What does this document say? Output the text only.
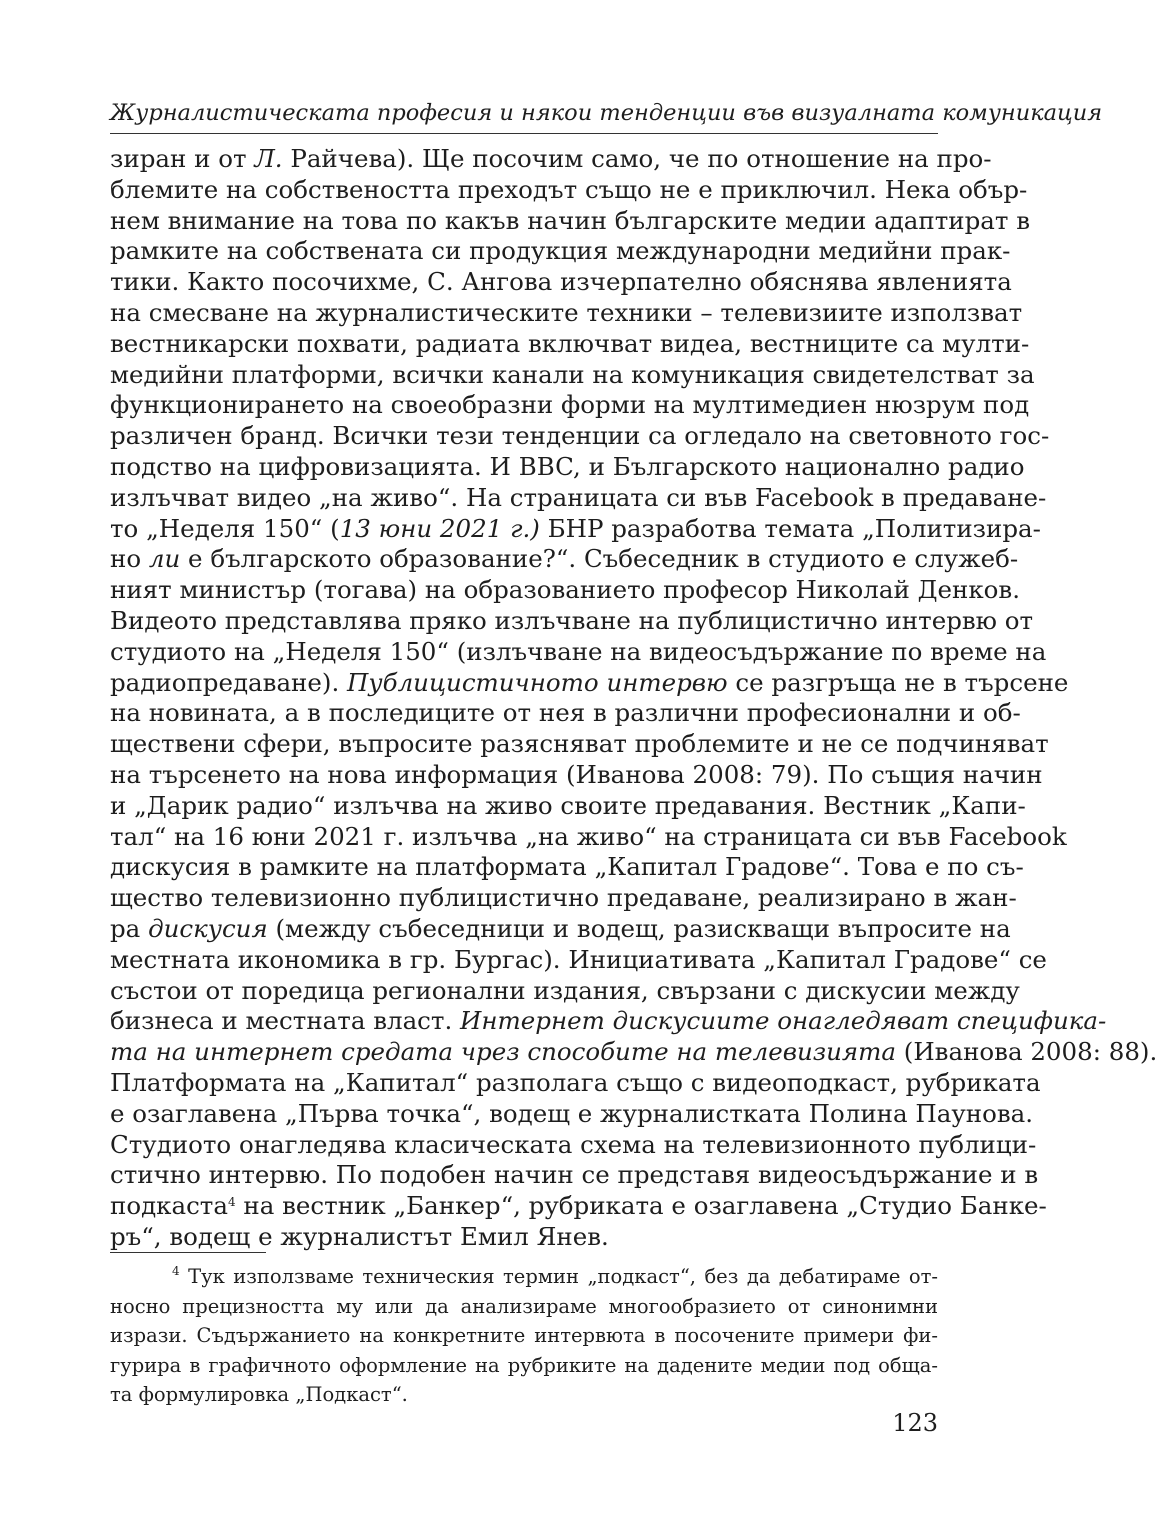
Журналистическата професия и някои тенденции във визуалната комуникация
зиран и от Л. Райчева). Ще посочим само, че по отношение на про-
блемите на собствеността преходът също не е приключил. Нека обър-
нем внимание на това по какъв начин българските медии адаптират в
рамките на собствената си продукция международни медийни прак-
тики. Както посочихме, С. Ангова изчерпателно обяснява явленията
на смесване на журналистическите техники – телевизиите използват
вестникарски похвати, радиата включват видеа, вестниците са мулти-
медийни платформи, всички канали на комуникация свидетелстват за
функционирането на своеобразни форми на мултимедиен нюзрум под
различен бранд. Всички тези тенденции са огледало на световното гос-
подство на цифровизацията. И BBC, и Българското национално радио
излъчват видео „на живо“. На страницата си във Facebook в предаване-
то „Неделя 150“ (13 юни 2021 г.) БНР разработва темата „Политизира-
но ли е българското образование?“. Събеседник в студиото е служеб-
ният министър (тогава) на образованието професор Николай Денков.
Видеото представлява пряко излъчване на публицистично интервю от
студиото на „Неделя 150“ (излъчване на видеосъдържание по време на
радиопредаване). Публицистичното интервю се разгръща не в търсене
на новината, а в последиците от нея в различни професионални и об-
ществени сфери, въпросите разясняват проблемите и не се подчиняват
на търсенето на нова информация (Иванова 2008: 79). По същия начин
и „Дарик радио“ излъчва на живо своите предавания. Вестник „Капи-
тал“ на 16 юни 2021 г. излъчва „на живо“ на страницата си във Facebook
дискусия в рамките на платформата „Капитал Градове“. Това е по съ-
щество телевизионно публицистично предаване, реализирано в жан-
ра дискусия (между събеседници и водещ, разискващи въпросите на
местната икономика в гр. Бургас). Инициативата „Капитал Градове“ се
състои от поредица регионални издания, свързани с дискусии между
бизнеса и местната власт. Интернет дискусиите онагледяват специфика-
та на интернет средата чрез способите на телевизията (Иванова 2008: 88).
Платформата на „Капитал“ разполага също с видеоподкаст, рубриката
е озаглавена „Първа точка“, водещ е журналистката Полина Паунова.
Студиото онагледява класическата схема на телевизионното публици-
стично интервю. По подобен начин се представя видеосъдържание и в
подкаста$^4$ на вестник „Банкер“, рубриката е озаглавена „Студио Банке-
ръ“, водещ е журналистът Емил Янев.
$^4$ Тук използваме техническия термин „подкаст“, без да дебатираме от-
носно прецизността му или да анализираме многообразието от синонимни
изрази. Съдържанието на конкретните интервюта в посочените примери фи-
гурира в графичното оформление на рубриките на дадените медии под обща-
та формулировка „Подкаст“.
123
